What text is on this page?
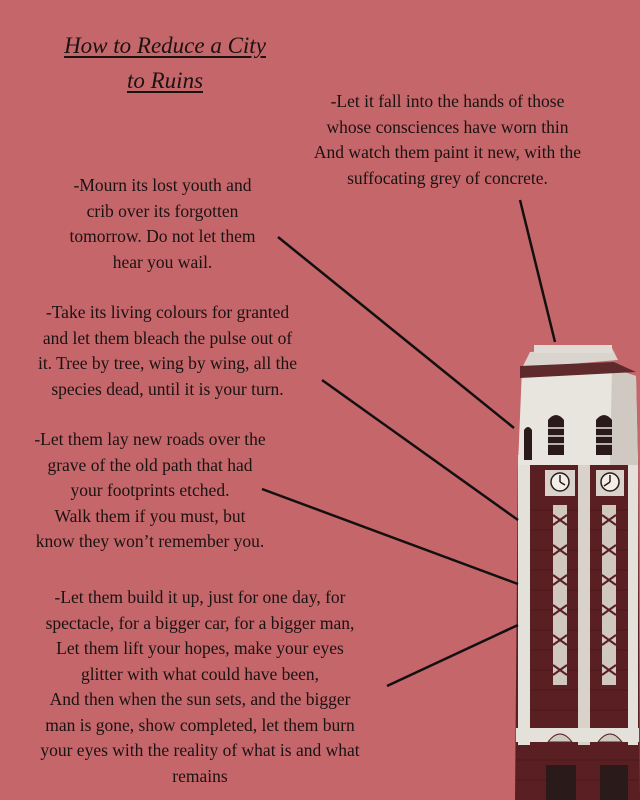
How to Reduce a City
to Ruins
-Let it fall into the hands of those
whose consciences have worn thin
And watch them paint it new, with the
suffocating grey of concrete.
-Mourn its lost youth and
crib over its forgotten
tomorrow. Do not let them
hear you wail.
-Take its living colours for granted
and let them bleach the pulse out of
it. Tree by tree, wing by wing, all the
species dead, until it is your turn.
-Let them lay new roads over the
grave of the old path that had
your footprints etched.
Walk them if you must, but
know they won’t remember you.
-Let them build it up, just for one day, for
spectacle, for a bigger car, for a bigger man,
Let them lift your hopes, make your eyes
glitter with what could have been,
And then when the sun sets, and the bigger
man is gone, show completed, let them burn
your eyes with the reality of what is and what
remains
